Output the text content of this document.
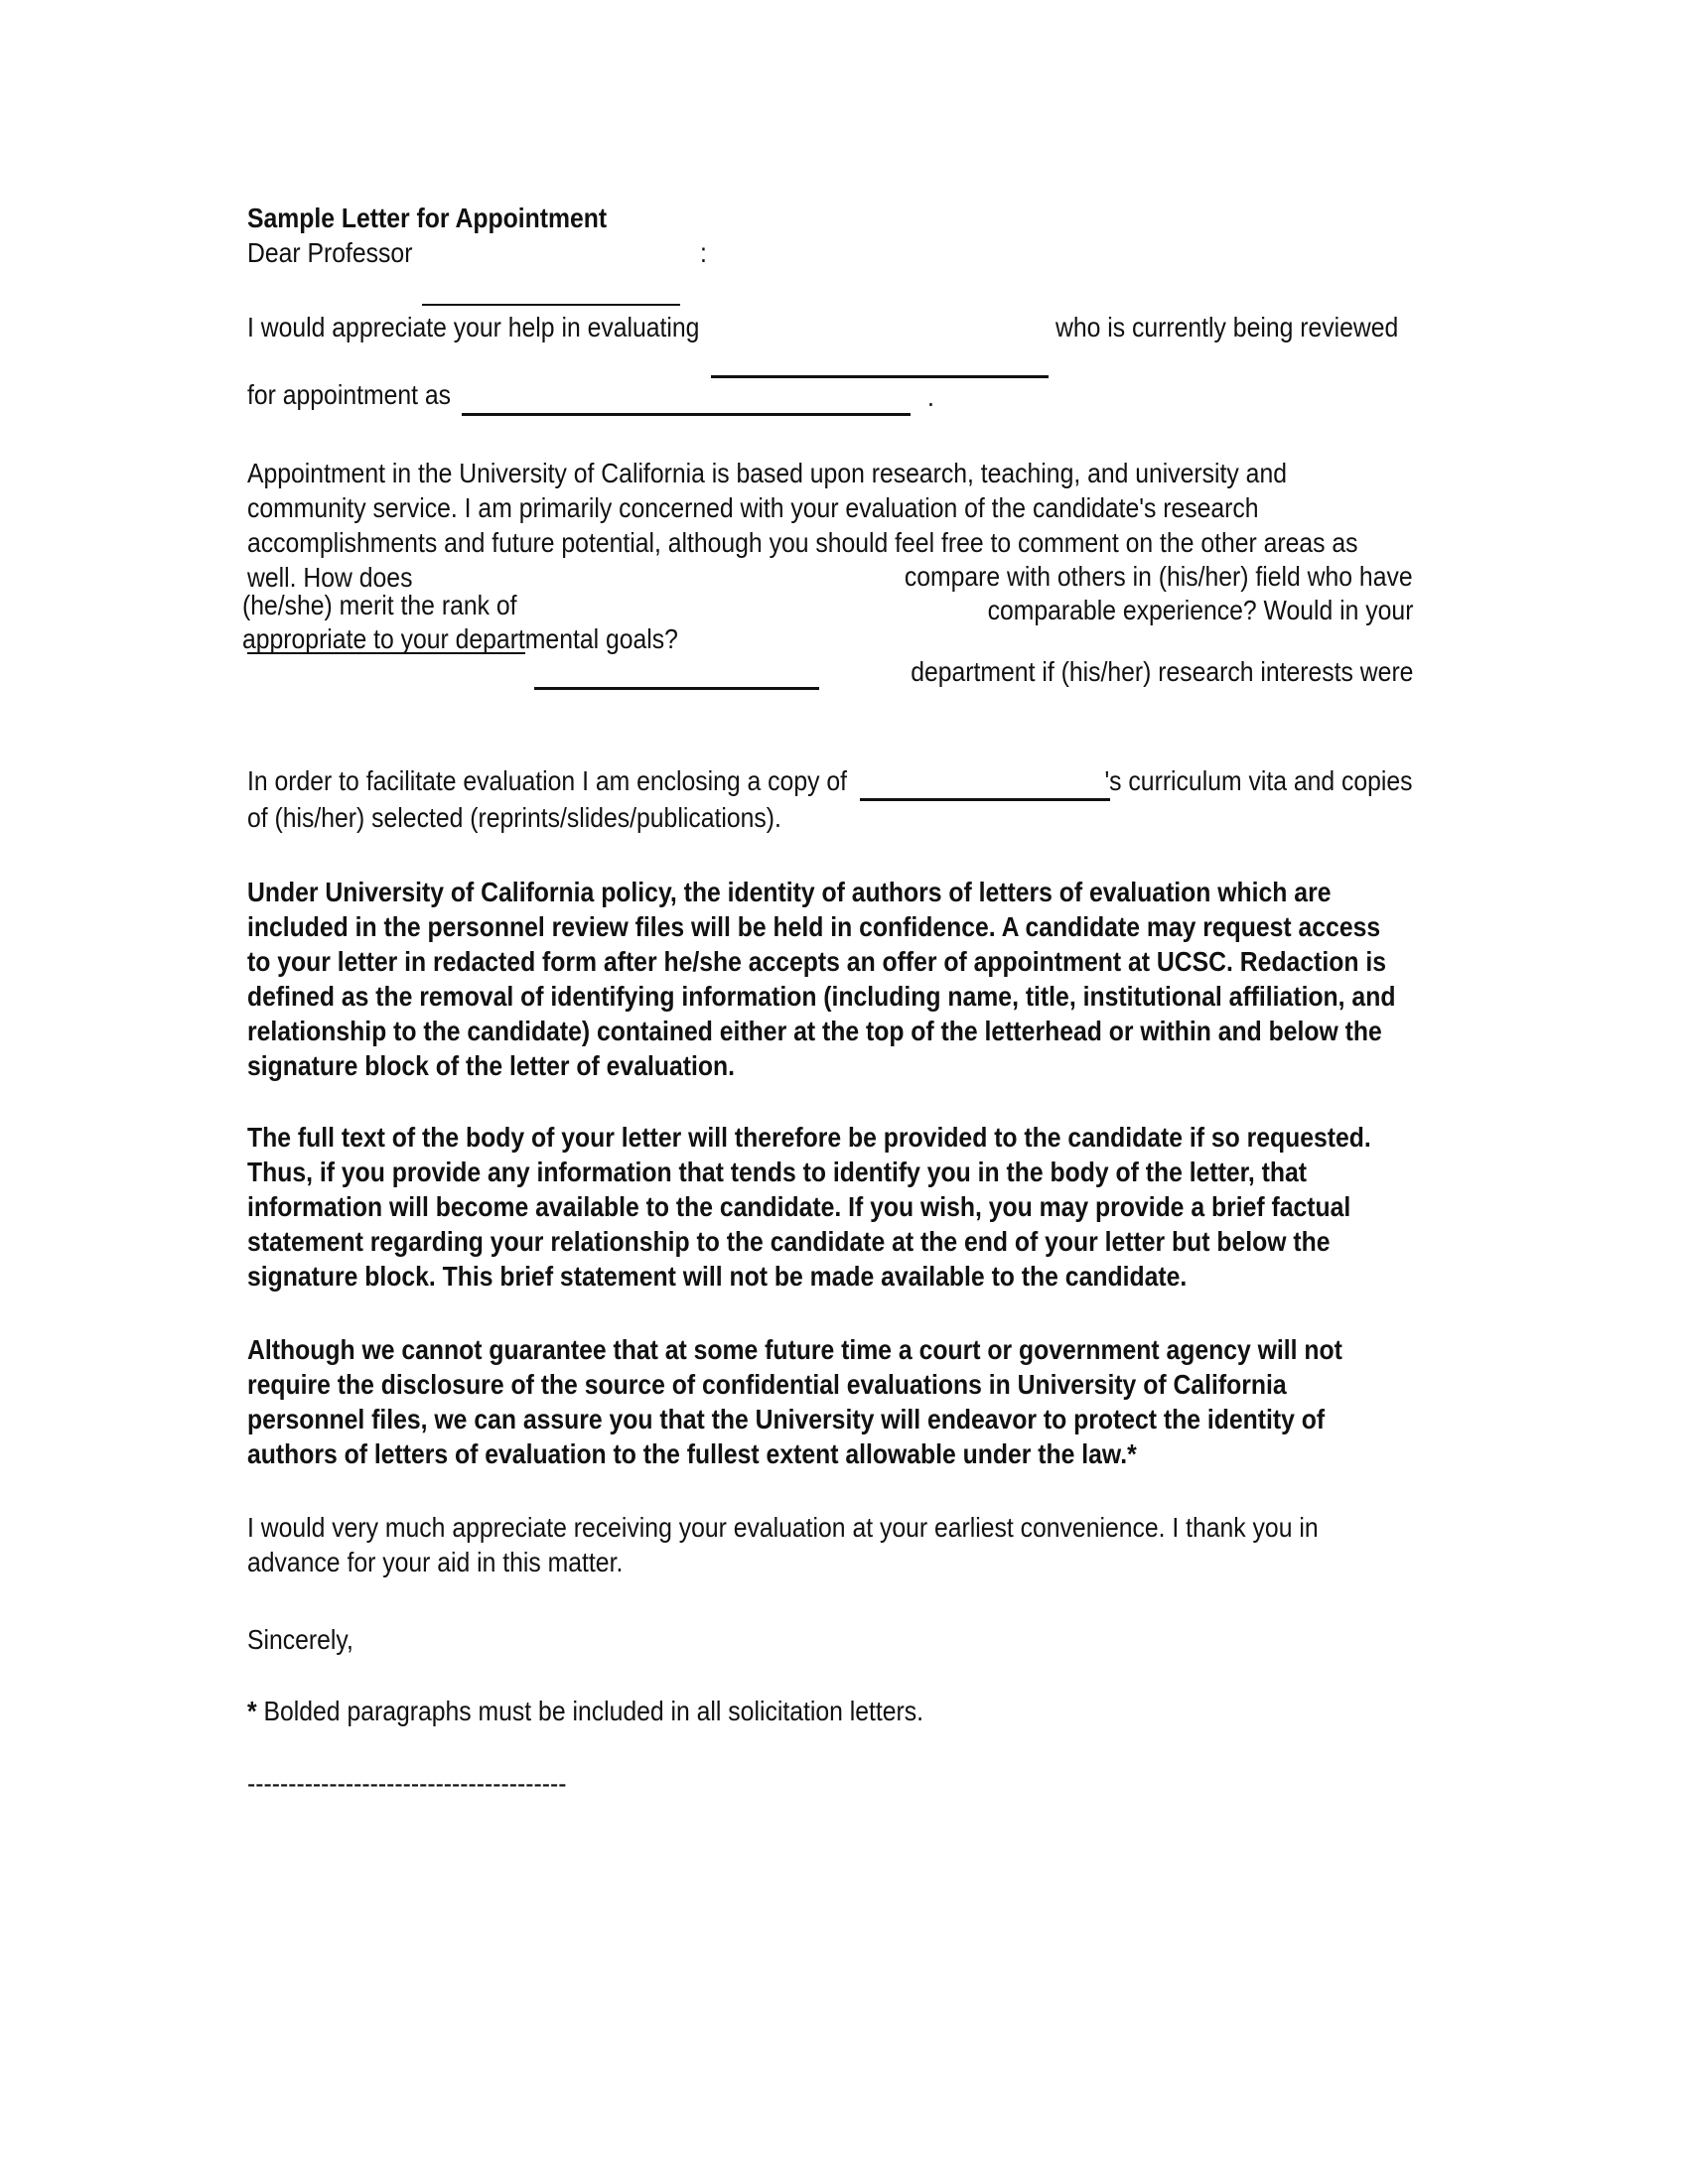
Sample Letter for Appointment
Dear Professor	:
I would appreciate your help in evaluating	who is currently being reviewed
for appointment as	.

Appointment in the University of California is based upon research, teaching, and university and community service. I am primarily concerned with your evaluation of the candidate's research accomplishments and future potential, although you should feel free to comment on the other areas as well. How does	compare with others in (his/her) field who have
(he/she) merit the rank of	comparable experience? Would in your
appropriate to your departmental goals?
department if (his/her) research interests were
In order to facilitate evaluation I am enclosing a copy of	's curriculum vita and copies
of (his/her) selected (reprints/slides/publications).

Under University of California policy, the identity of authors of letters of evaluation which are included in the personnel review files will be held in confidence. A candidate may request access to your letter in redacted form after he/she accepts an offer of appointment at UCSC. Redaction is defined as the removal of identifying information (including name, title, institutional affiliation, and relationship to the candidate) contained either at the top of the letterhead or within and below the signature block of the letter of evaluation.

The full text of the body of your letter will therefore be provided to the candidate if so requested. Thus, if you provide any information that tends to identify you in the body of the letter, that information will become available to the candidate. If you wish, you may provide a brief factual statement regarding your relationship to the candidate at the end of your letter but below the signature block. This brief statement will not be made available to the candidate.

Although we cannot guarantee that at some future time a court or government agency will not require the disclosure of the source of confidential evaluations in University of California personnel files, we can assure you that the University will endeavor to protect the identity of authors of letters of evaluation to the fullest extent allowable under the law.*

I would very much appreciate receiving your evaluation at your earliest convenience. I thank you in advance for your aid in this matter.

Sincerely,
* Bolded paragraphs must be included in all solicitation letters.
---------------------------------------
